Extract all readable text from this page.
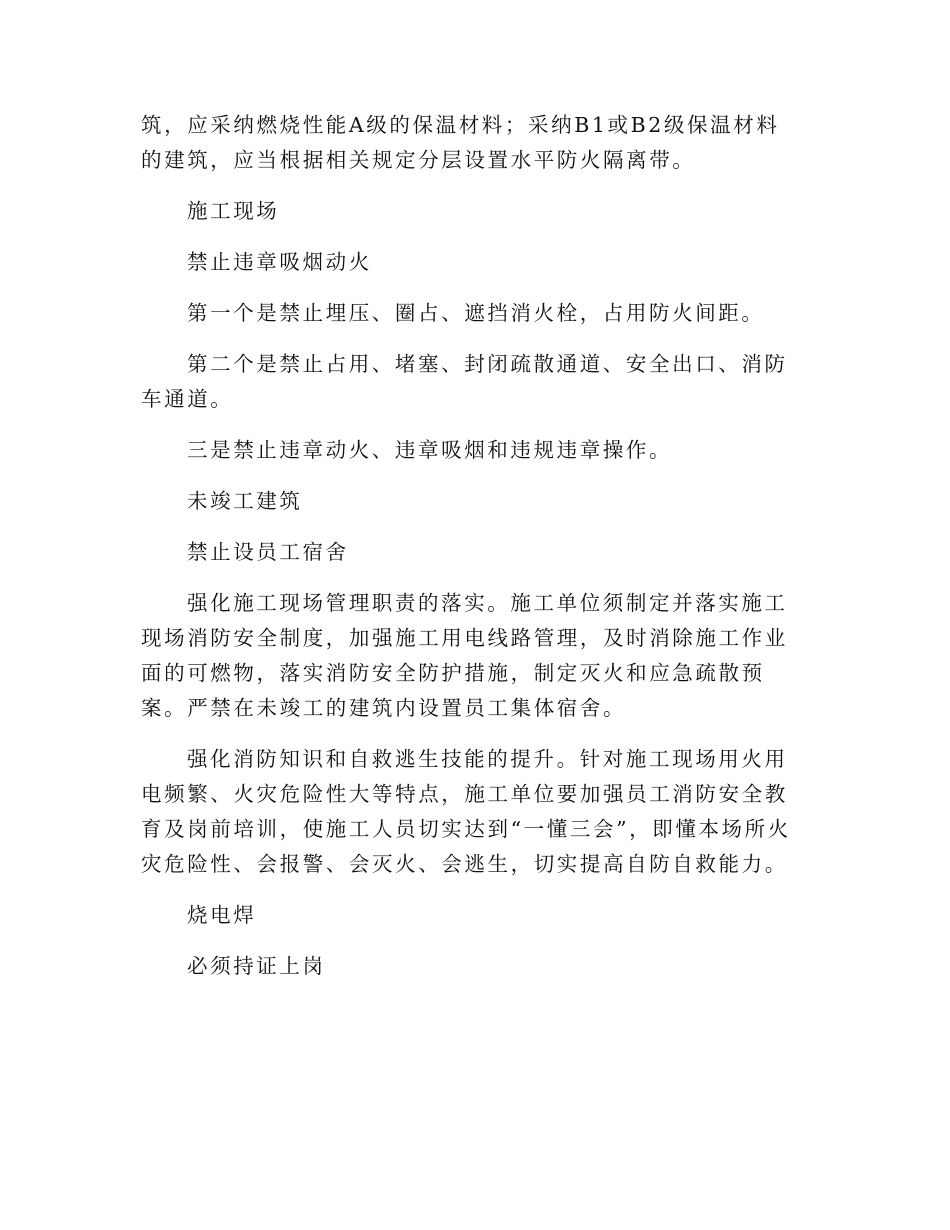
筑，应采纳燃烧性能A级的保温材料；采纳B1或B2级保温材料的建筑，应当根据相关规定分层设置水平防火隔离带。

施工现场

禁止违章吸烟动火

第一个是禁止埋压、圈占、遮挡消火栓，占用防火间距。

第二个是禁止占用、堵塞、封闭疏散通道、安全出口、消防车通道。

三是禁止违章动火、违章吸烟和违规违章操作。

未竣工建筑

禁止设员工宿舍

强化施工现场管理职责的落实。施工单位须制定并落实施工现场消防安全制度，加强施工用电线路管理，及时消除施工作业面的可燃物，落实消防安全防护措施，制定灭火和应急疏散预案。严禁在未竣工的建筑内设置员工集体宿舍。

强化消防知识和自救逃生技能的提升。针对施工现场用火用电频繁、火灾危险性大等特点，施工单位要加强员工消防安全教育及岗前培训，使施工人员切实达到“一懂三会”，即懂本场所火灾危险性、会报警、会灭火、会逃生，切实提高自防自救能力。

烧电焊

必须持证上岗
